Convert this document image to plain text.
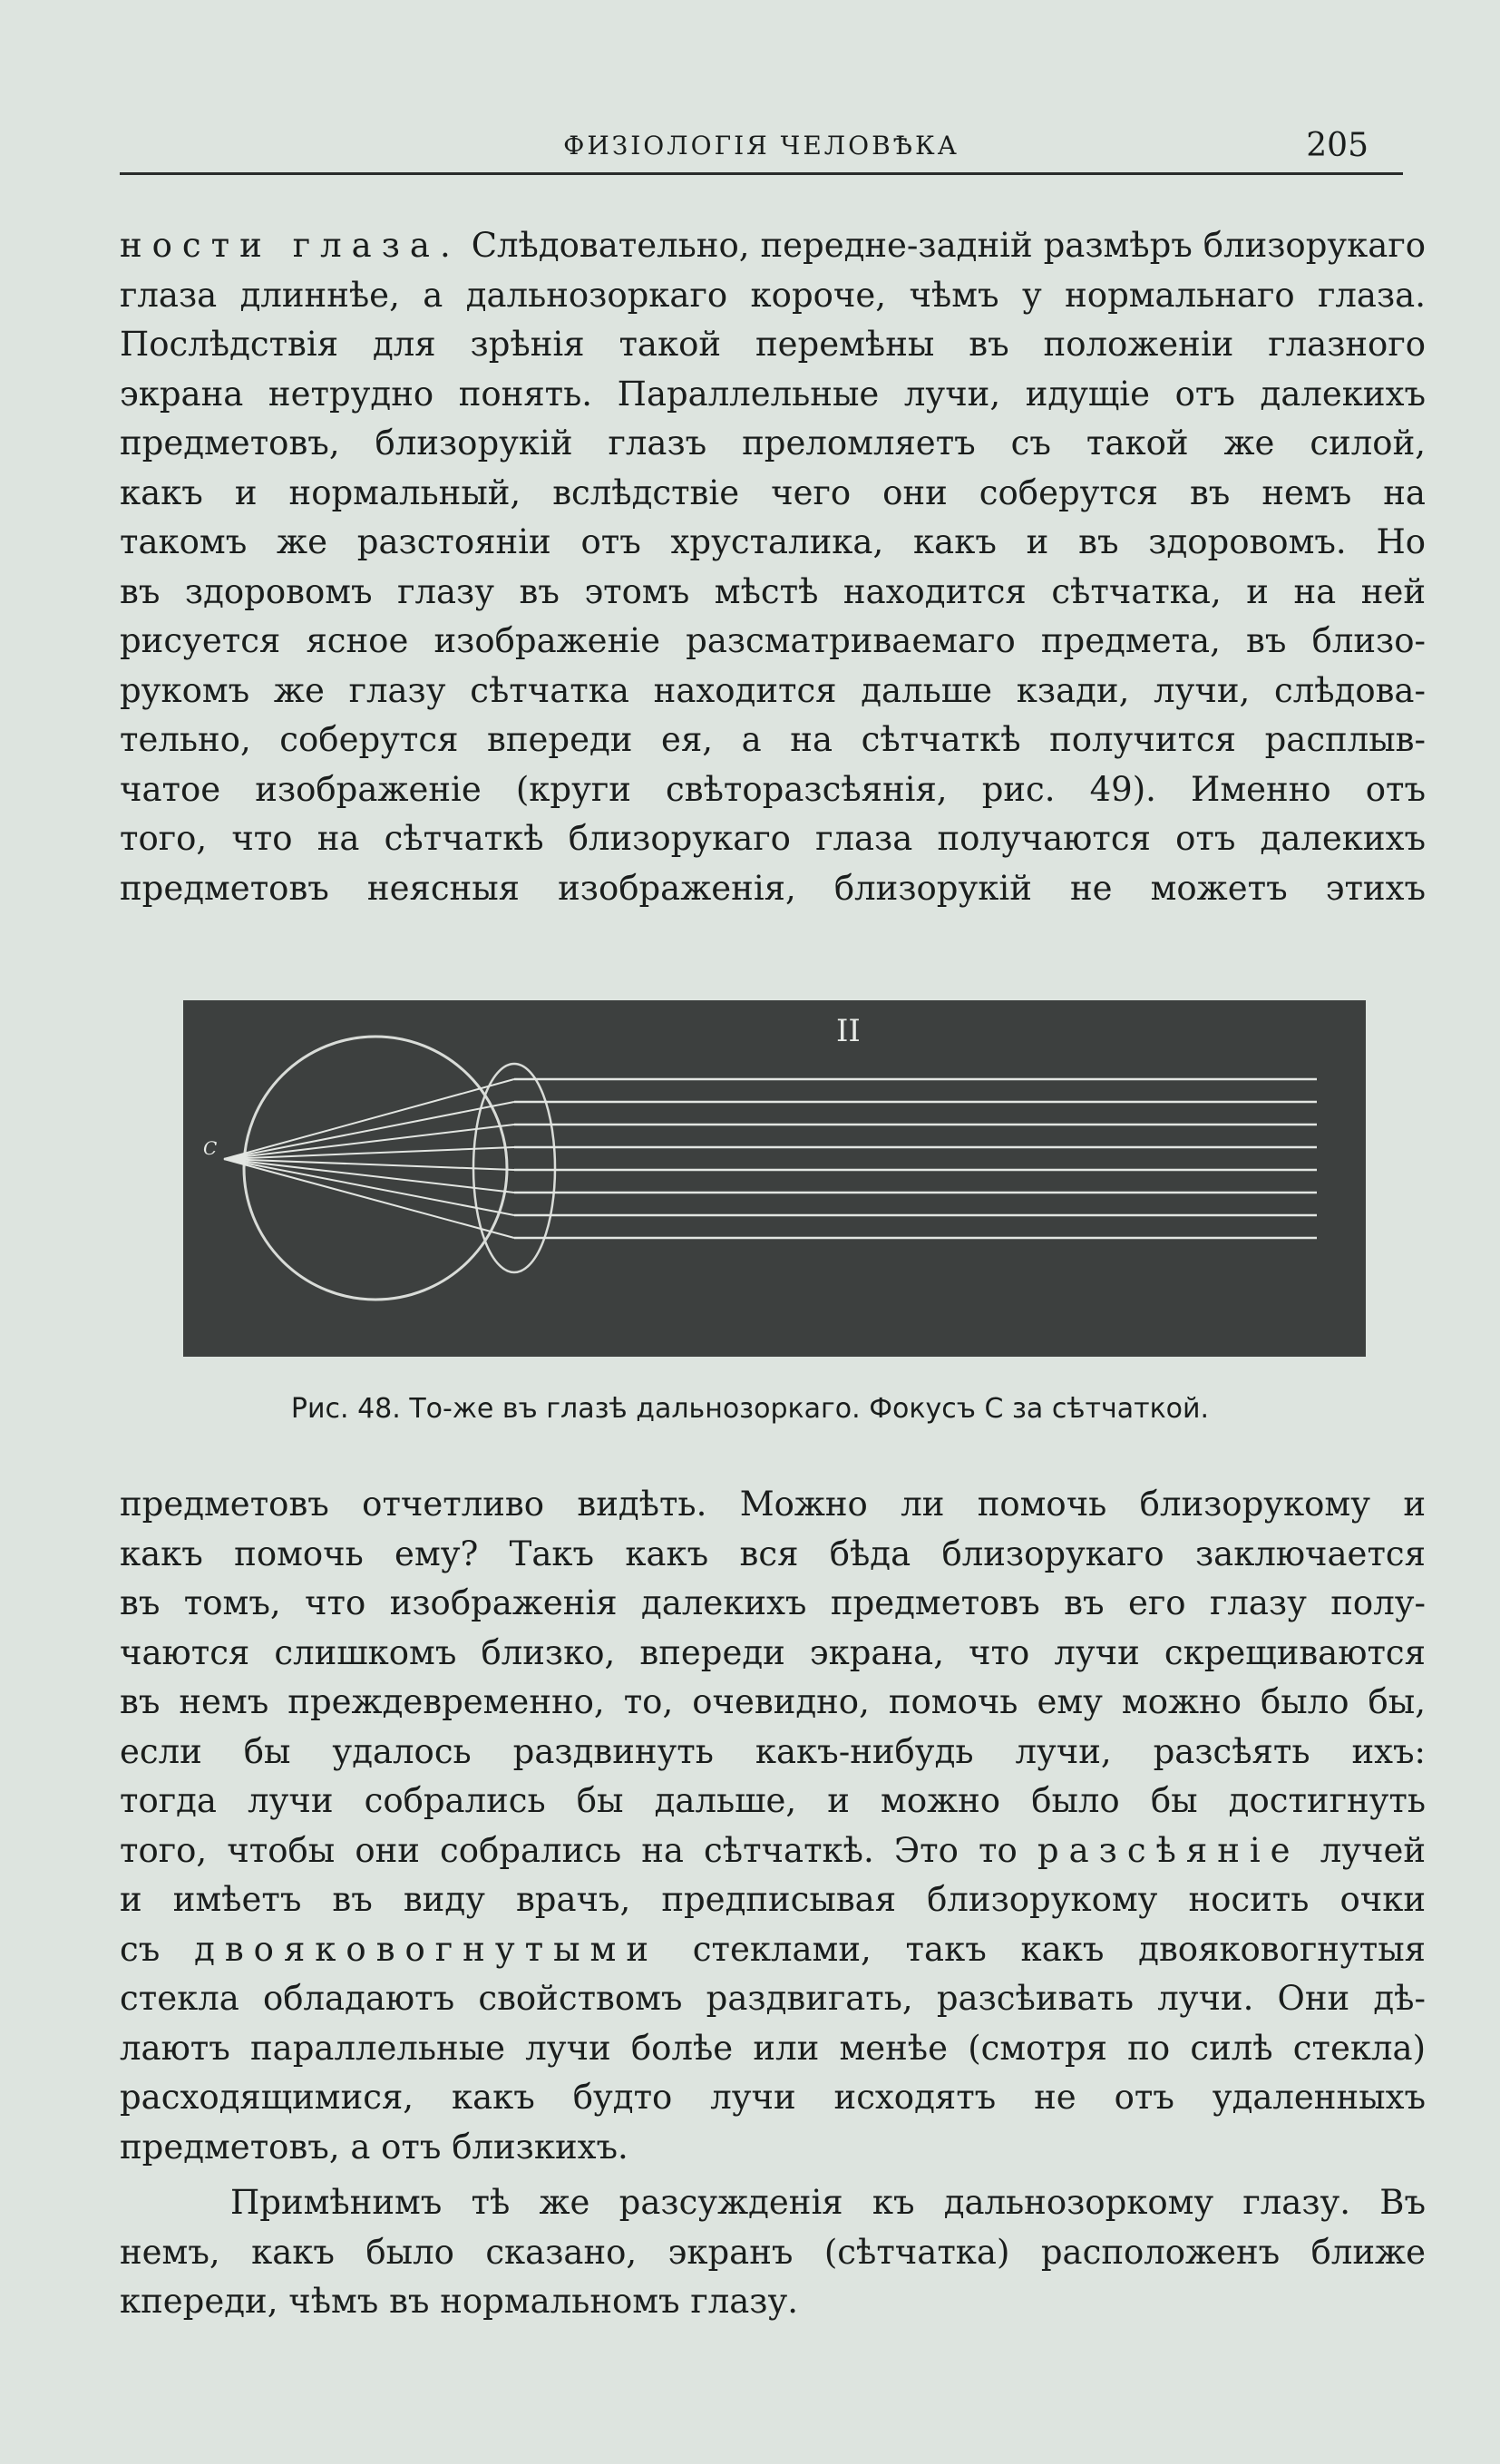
ФИЗІОЛОГІЯ ЧЕЛОВѢКА	205
ности глаза. Слѣдовательно, передне-задній размѣръ близорукаго
глаза длиннѣе, а дальнозоркаго короче, чѣмъ у нормальнаго глаза.
Послѣдствія для зрѣнія такой перемѣны въ положеніи глазного
экрана нетрудно понять. Параллельные лучи, идущіе отъ далекихъ
предметовъ, близорукій глазъ преломляетъ съ такой же силой,
какъ и нормальный, вслѣдствіе чего они соберутся въ немъ на
такомъ же разстояніи отъ хрусталика, какъ и въ здоровомъ. Но
въ здоровомъ глазу въ этомъ мѣстѣ находится сѣтчатка, и на ней
рисуется ясное изображеніе разсматриваемаго предмета, въ близо-
рукомъ же глазу сѣтчатка находится дальше кзади, лучи, слѣдова-
тельно, соберутся впереди ея, а на сѣтчаткѣ получится расплыв-
чатое изображеніе (круги свѣторазсѣянія, рис. 49). Именно отъ
того, что на сѣтчаткѣ близорукаго глаза получаются отъ далекихъ
предметовъ неясныя изображенія, близорукій не можетъ этихъ
II
C
Рис. 48. То-же въ глазѣ дальнозоркаго. Фокусъ С за сѣтчаткой.
предметовъ отчетливо видѣть. Можно ли помочь близорукому и
какъ помочь ему? Такъ какъ вся бѣда близорукаго заключается
въ томъ, что изображенія далекихъ предметовъ въ его глазу полу-
чаются слишкомъ близко, впереди экрана, что лучи скрещиваются
въ немъ преждевременно, то, очевидно, помочь ему можно было бы,
если бы удалось раздвинуть какъ-нибудь лучи, разсѣять ихъ:
тогда лучи собрались бы дальше, и можно было бы достигнуть
того, чтобы они собрались на сѣтчаткѣ. Это то разсѣяніе лучей
и имѣетъ въ виду врачъ, предписывая близорукому носить очки
съ двояковогнутыми стеклами, такъ какъ двояковогнутыя
стекла обладаютъ свойствомъ раздвигать, разсѣивать лучи. Они дѣ-
лаютъ параллельные лучи болѣе или менѣе (смотря по силѣ стекла)
расходящимися, какъ будто лучи исходятъ не отъ удаленныхъ
предметовъ, а отъ близкихъ.
Примѣнимъ тѣ же разсужденія къ дальнозоркому глазу. Въ
немъ, какъ было сказано, экранъ (сѣтчатка) расположенъ ближе
кпереди, чѣмъ въ нормальномъ глазу.
